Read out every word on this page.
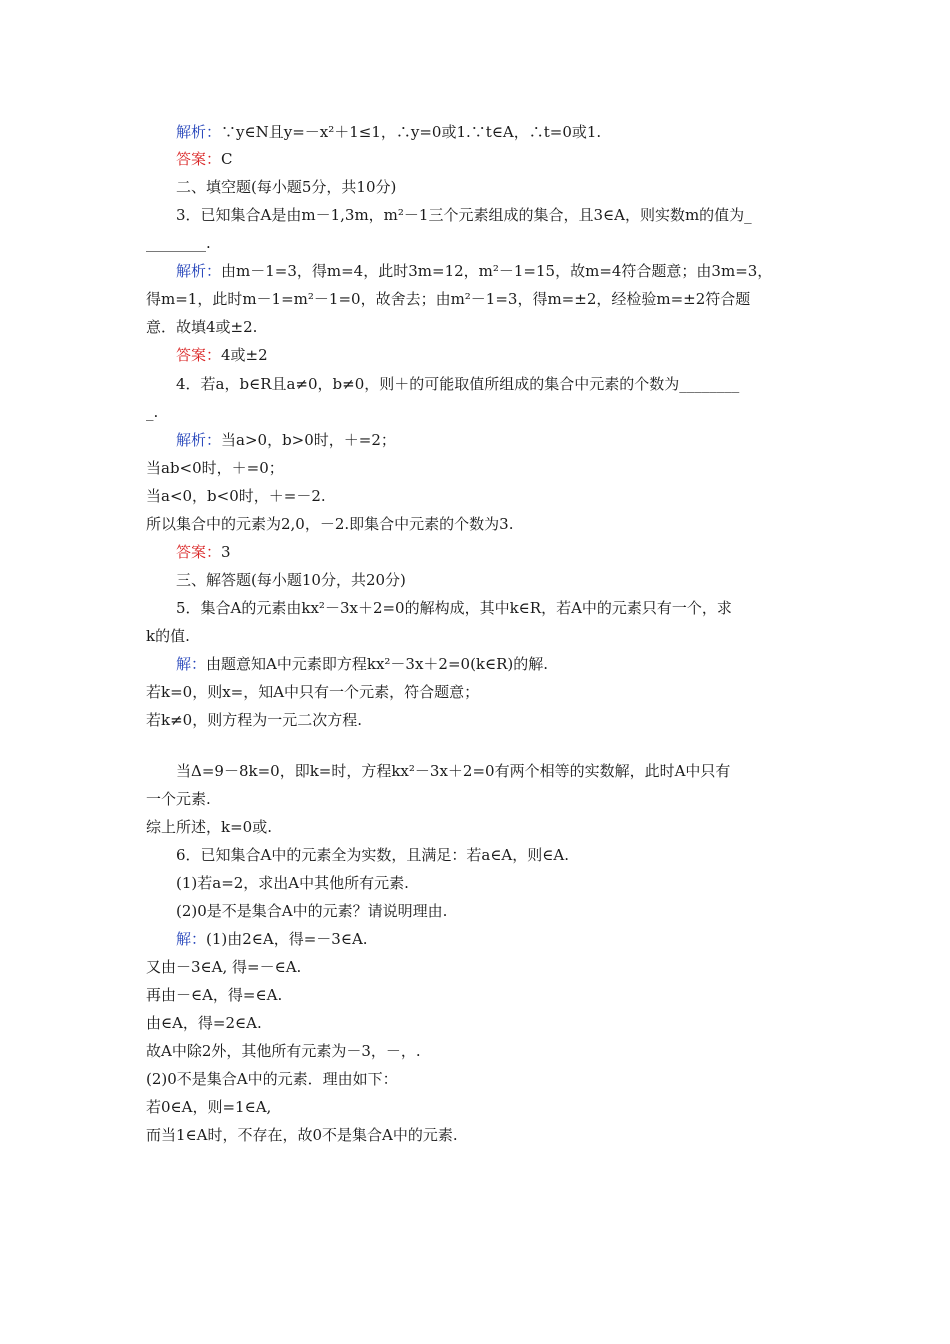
解析：∵y∈N且y=－x²＋1≤1，∴y=0或1.∵t∈A，∴t=0或1.
答案：C
二、填空题(每小题5分，共10分)
3．已知集合A是由m－1,3m，m²－1三个元素组成的集合，且3∈A，则实数m的值为_
________.
解析：由m－1=3，得m=4，此时3m=12，m²－1=15，故m=4符合题意；由3m=3，
得m=1，此时m－1=m²－1=0，故舍去；由m²－1=3，得m=±2，经检验m=±2符合题
意．故填4或±2.
答案：4或±2
4．若a，b∈R且a≠0，b≠0，则＋的可能取值所组成的集合中元素的个数为________
_.
解析：当a>0，b>0时，＋=2；
当ab<0时，＋=0；
当a<0，b<0时，＋=－2.
所以集合中的元素为2,0，－2.即集合中元素的个数为3.
答案：3
三、解答题(每小题10分，共20分)
5．集合A的元素由kx²－3x＋2=0的解构成，其中k∈R，若A中的元素只有一个，求
k的值.
解：由题意知A中元素即方程kx²－3x＋2=0(k∈R)的解.
若k=0，则x=，知A中只有一个元素，符合题意；
若k≠0，则方程为一元二次方程.
当Δ=9－8k=0，即k=时，方程kx²－3x＋2=0有两个相等的实数解，此时A中只有
一个元素.
综上所述，k=0或.
6．已知集合A中的元素全为实数，且满足：若a∈A，则∈A.
(1)若a=2，求出A中其他所有元素.
(2)0是不是集合A中的元素？请说明理由.
解：(1)由2∈A，得=－3∈A.
又由－3∈A, 得=－∈A.
再由－∈A，得=∈A.
由∈A，得=2∈A.
故A中除2外，其他所有元素为－3，－，.
(2)0不是集合A中的元素．理由如下：
若0∈A，则=1∈A,
而当1∈A时，不存在，故0不是集合A中的元素.
